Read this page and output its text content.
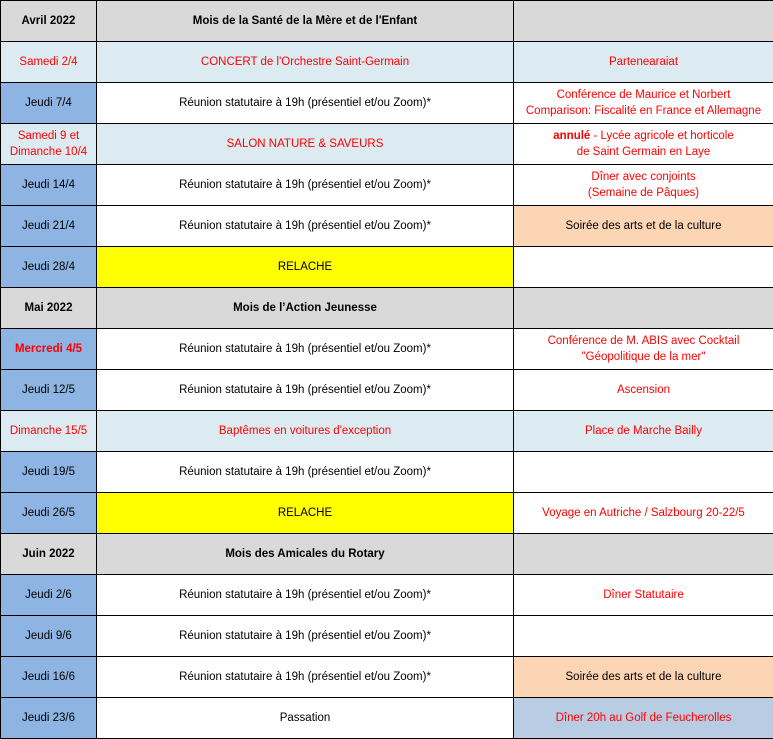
Avril 2022	Mois de la Santé de la Mère et de l'Enfant	
Samedi 2/4	CONCERT de l'Orchestre Saint-Germain	Partenearaiat
Jeudi 7/4	Réunion statutaire à 19h (présentiel et/ou Zoom)*	Conférence de Maurice et Norbert
Comparison: Fiscalité en France et Allemagne
Samedi 9 et
Dimanche 10/4	SALON NATURE & SAVEURS	annulé - Lycée agricole et horticole
de Saint Germain en Laye
Jeudi 14/4	Réunion statutaire à 19h (présentiel et/ou Zoom)*	Dîner avec conjoints
(Semaine de Pâques)
Jeudi 21/4	Réunion statutaire à 19h (présentiel et/ou Zoom)*	Soirée des arts et de la culture
Jeudi 28/4	RELACHE	
Mai 2022	Mois de l’Action Jeunesse	
Mercredi 4/5	Réunion statutaire à 19h (présentiel et/ou Zoom)*	Conférence de M. ABIS avec Cocktail
"Géopolitique de la mer"
Jeudi 12/5	Réunion statutaire à 19h (présentiel et/ou Zoom)*	Ascension
Dimanche 15/5	Baptêmes en voitures d'exception	Place de Marche Bailly
Jeudi 19/5	Réunion statutaire à 19h (présentiel et/ou Zoom)*	
Jeudi 26/5	RELACHE	Voyage en Autriche / Salzbourg 20-22/5
Juin 2022	Mois des Amicales du Rotary	
Jeudi 2/6	Réunion statutaire à 19h (présentiel et/ou Zoom)*	Dîner Statutaire
Jeudi 9/6	Réunion statutaire à 19h (présentiel et/ou Zoom)*	
Jeudi 16/6	Réunion statutaire à 19h (présentiel et/ou Zoom)*	Soirée des arts et de la culture
Jeudi 23/6	Passation	Dîner 20h au Golf de Feucherolles
